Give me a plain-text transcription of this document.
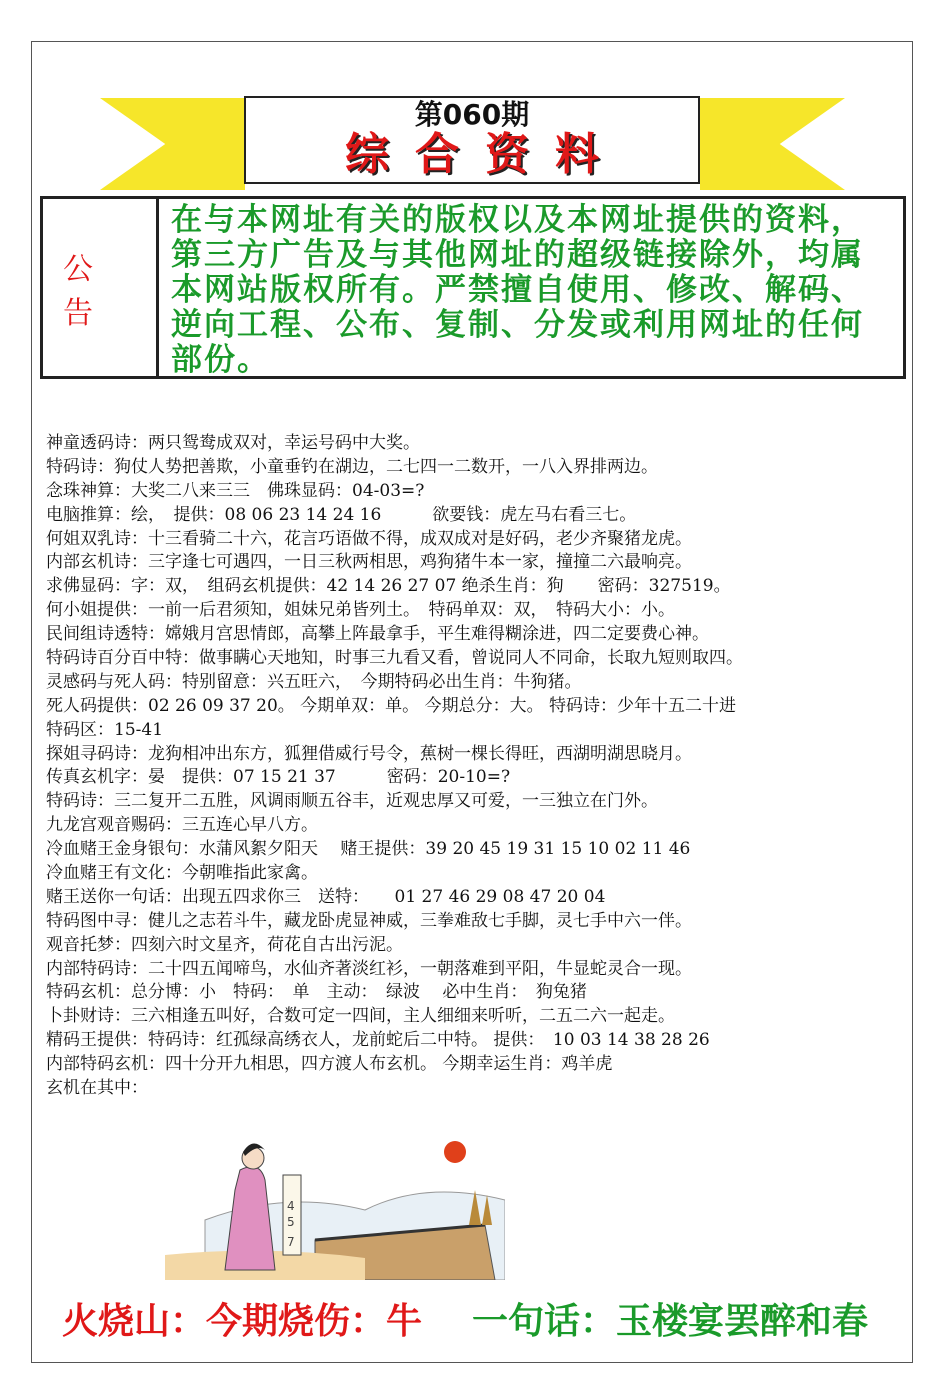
第060期
综合资料
公告
在与本网址有关的版权以及本网址提供的资料，第三方广告及与其他网址的超级链接除外，均属本网站版权所有。严禁擅自使用、修改、解码、逆向工程、公布、复制、分发或利用网址的任何部份。
神童透码诗：两只鸳鸯成双对，幸运号码中大奖。
特码诗：狗仗人势把善欺，小童垂钓在湖边，二七四一二数开，一八入界排两边。
念珠神算：大奖二八来三三　佛珠显码：04-03=?
电脑推算：绘，　提供：08 06 23 14 24 16　　　欲要钱：虎左马右看三七。
何姐双乳诗：十三看骑二十六，花言巧语做不得，成双成对是好码，老少齐聚猪龙虎。
内部玄机诗：三字逢七可遇四，一日三秋两相思，鸡狗猪牛本一家，撞撞二六最响亮。
求佛显码：字：双，　组码玄机提供：42 14 26 27 07 绝杀生肖：狗　　密码：327519。
何小姐提供：一前一后君须知，姐妹兄弟皆列土。　特码单双：双，　特码大小：小。
民间组诗透特：嫦娥月宫思情郎，高攀上阵最拿手，平生难得糊涂进，四二定要费心神。
特码诗百分百中特：做事瞒心天地知，时事三九看又看，曾说同人不同命，长取九短则取四。
灵感码与死人码：特别留意：兴五旺六，　今期特码必出生肖：牛狗猪。
死人码提供：02 26 09 37 20。 今期单双：单。 今期总分：大。 特码诗：少年十五二十进
特码区：15-41
探姐寻码诗：龙狗相冲出东方，狐狸借威行号令，蕉树一棵长得旺，西湖明湖思晓月。
传真玄机字：晏　提供：07 15 21 37　　　密码：20-10=?
特码诗：三二复开二五胜，风调雨顺五谷丰，近观忠厚又可爱，一三独立在门外。
九龙宫观音赐码：三五连心早八方。
冷血赌王金身银句：水蒲风絮夕阳天　 赌王提供：39 20 45 19 31 15 10 02 11 46
冷血赌王有文化：今朝唯指此家禽。
赌王送你一句话：出现五四求你三　送特：　　01 27 46 29 08 47 20 04
特码图中寻：健儿之志若斗牛，藏龙卧虎显神威，三拳难敌七手脚，灵七手中六一伴。
观音托梦：四刻六时文星齐，荷花自古出污泥。
内部特码诗：二十四五闻啼鸟，水仙齐著淡红衫，一朝落难到平阳，牛显蛇灵合一现。
特码玄机：总分博：小　特码：　单　主动：　绿波　 必中生肖：　狗兔猪
卜卦财诗：三六相逢五叫好，合数可定一四间，主人细细来听听，二五二六一起走。
精码王提供：特码诗：红孤绿高绣衣人，龙前蛇后二中特。 提供：　10 03 14 38 28 26
内部特码玄机：四十分开九相思，四方渡人布玄机。 今期幸运生肖：鸡羊虎
玄机在其中：
4
5
7
火烧山：今期烧伤：牛 一句话：玉楼宴罢醉和春
